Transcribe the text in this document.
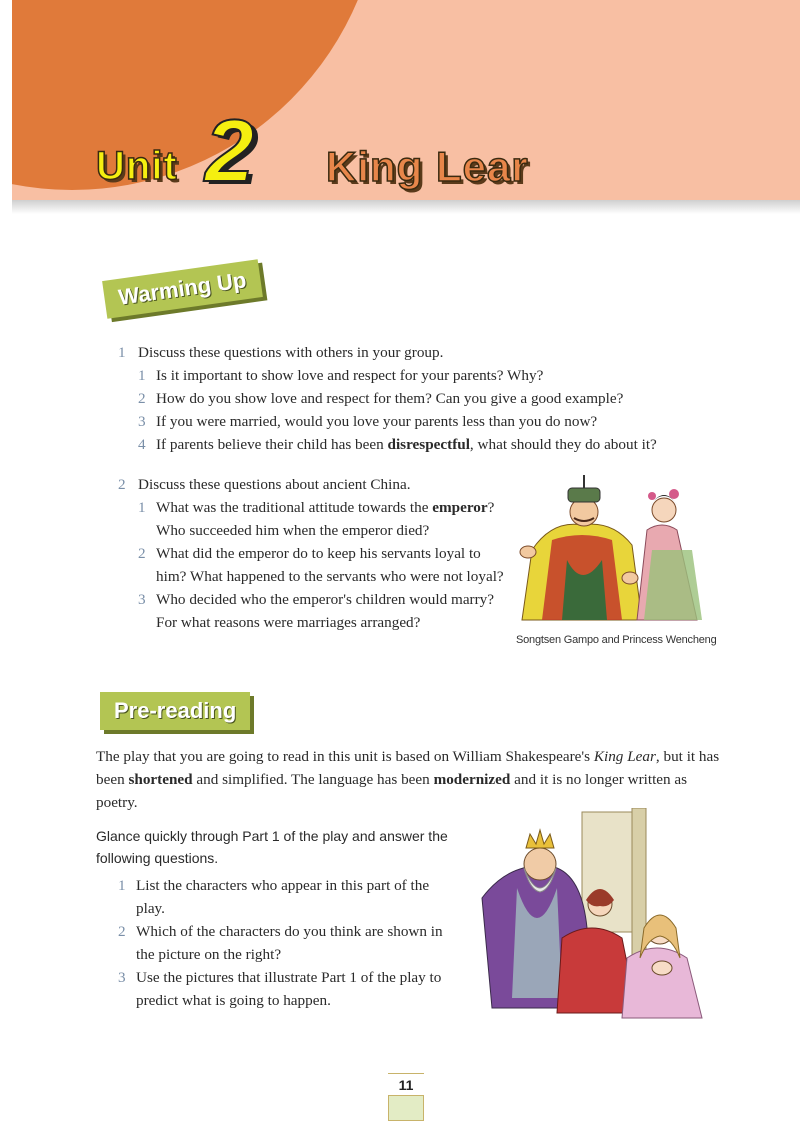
Unit 2 King Lear
Warming Up
1 Discuss these questions with others in your group.
1 Is it important to show love and respect for your parents? Why?
2 How do you show love and respect for them? Can you give a good example?
3 If you were married, would you love your parents less than you do now?
4 If parents believe their child has been disrespectful, what should they do about it?
2 Discuss these questions about ancient China.
1 What was the traditional attitude towards the emperor?
Who succeeded him when the emperor died?
2 What did the emperor do to keep his servants loyal to
him? What happened to the servants who were not loyal?
3 Who decided who the emperor's children would marry?
For what reasons were marriages arranged?
Songtsen Gampo and Princess Wencheng
Pre-reading
The play that you are going to read in this unit is based on William Shakespeare's King Lear, but it has been shortened and simplified. The language has been modernized and it is no longer written as poetry.
Glance quickly through Part 1 of the play and answer the following questions.
1 List the characters who appear in this part of the
play.
2 Which of the characters do you think are shown in
the picture on the right?
3 Use the pictures that illustrate Part 1 of the play to
predict what is going to happen.
11
